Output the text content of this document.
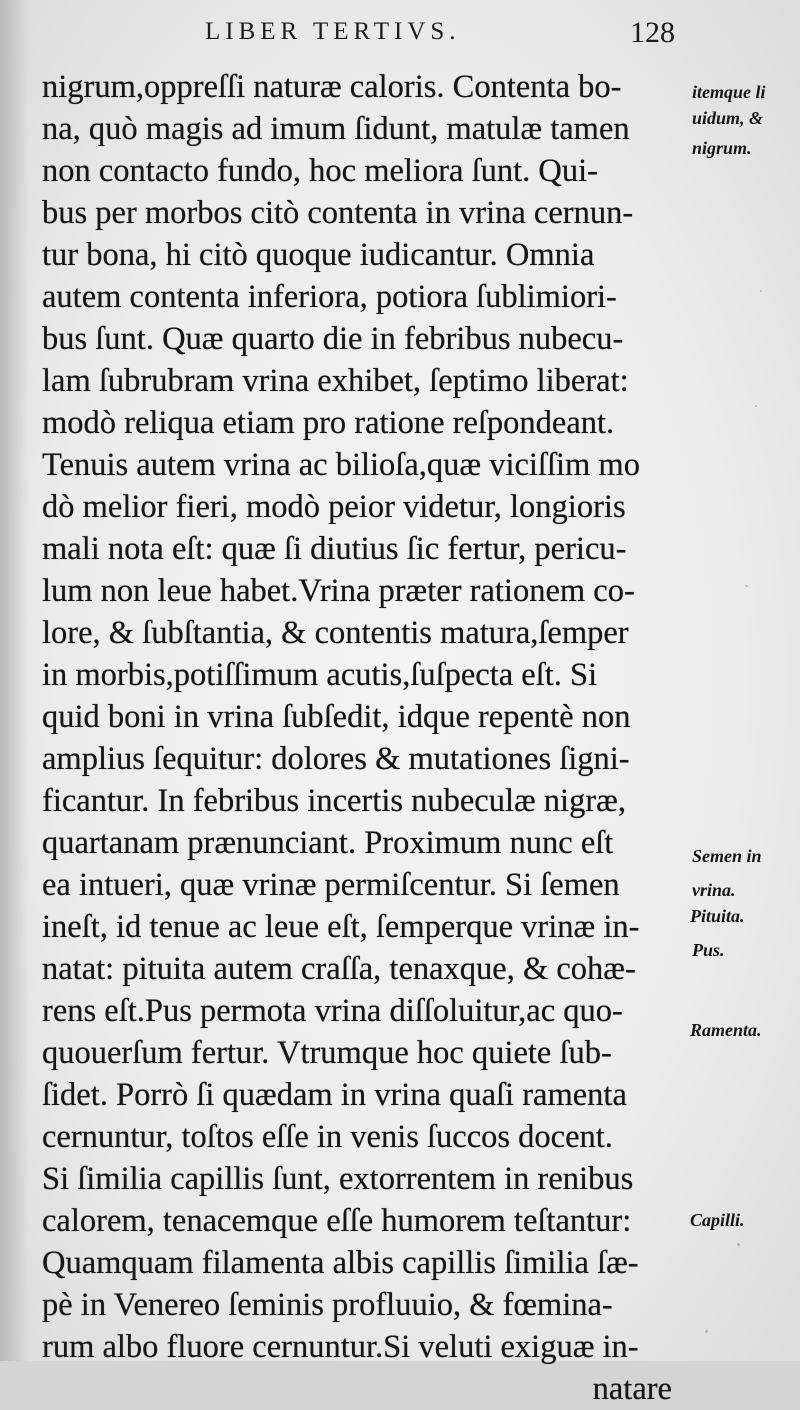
LIBER TERTIVS.	128
nigrum,oppreſſi naturæ caloris. Contenta bo-
na, quò magis ad imum ſidunt, matulæ tamen
non contacto fundo, hoc meliora ſunt. Qui-
bus per morbos citò contenta in vrina cernun-
tur bona, hi citò quoque iudicantur. Omnia
autem contenta inferiora, potiora ſublimiori-
bus ſunt. Quæ quarto die in febribus nubecu-
lam ſubrubram vrina exhibet, ſeptimo liberat:
modò reliqua etiam pro ratione reſpondeant.
Tenuis autem vrina ac bilioſa,quæ viciſſim mo
dò melior fieri, modò peior videtur, longioris
mali nota eſt: quæ ſi diutius ſic fertur, pericu-
lum non leue habet.Vrina præter rationem co-
lore, & ſubſtantia, & contentis matura,ſemper
in morbis,potiſſimum acutis,ſuſpecta eſt. Si
quid boni in vrina ſubſedit, idque repentè non
amplius ſequitur: dolores & mutationes ſigni-
ficantur. In febribus incertis nubeculæ nigræ,
quartanam prænunciant. Proximum nunc eſt
ea intueri, quæ vrinæ permiſcentur. Si ſemen
ineſt, id tenue ac leue eſt, ſemperque vrinæ in-
natat: pituita autem craſſa, tenaxque, & cohæ-
rens eſt.Pus permota vrina diſſoluitur,ac quo-
quouerſum fertur. Vtrumque hoc quiete ſub-
ſidet. Porrò ſi quædam in vrina quaſi ramenta
cernuntur, toſtos eſſe in venis ſuccos docent.
Si ſimilia capillis ſunt, extorrentem in renibus
calorem, tenacemque eſſe humorem teſtantur:
Quamquam filamenta albis capillis ſimilia ſæ-
pè in Venereo ſeminis profluuio, & fœmina-
rum albo fluore cernuntur.Si veluti exiguæ in-
natare
itemque li
uidum, &
nigrum.
Semen in
vrina.
Pituita.
Pus.
Ramenta.
Capilli.
